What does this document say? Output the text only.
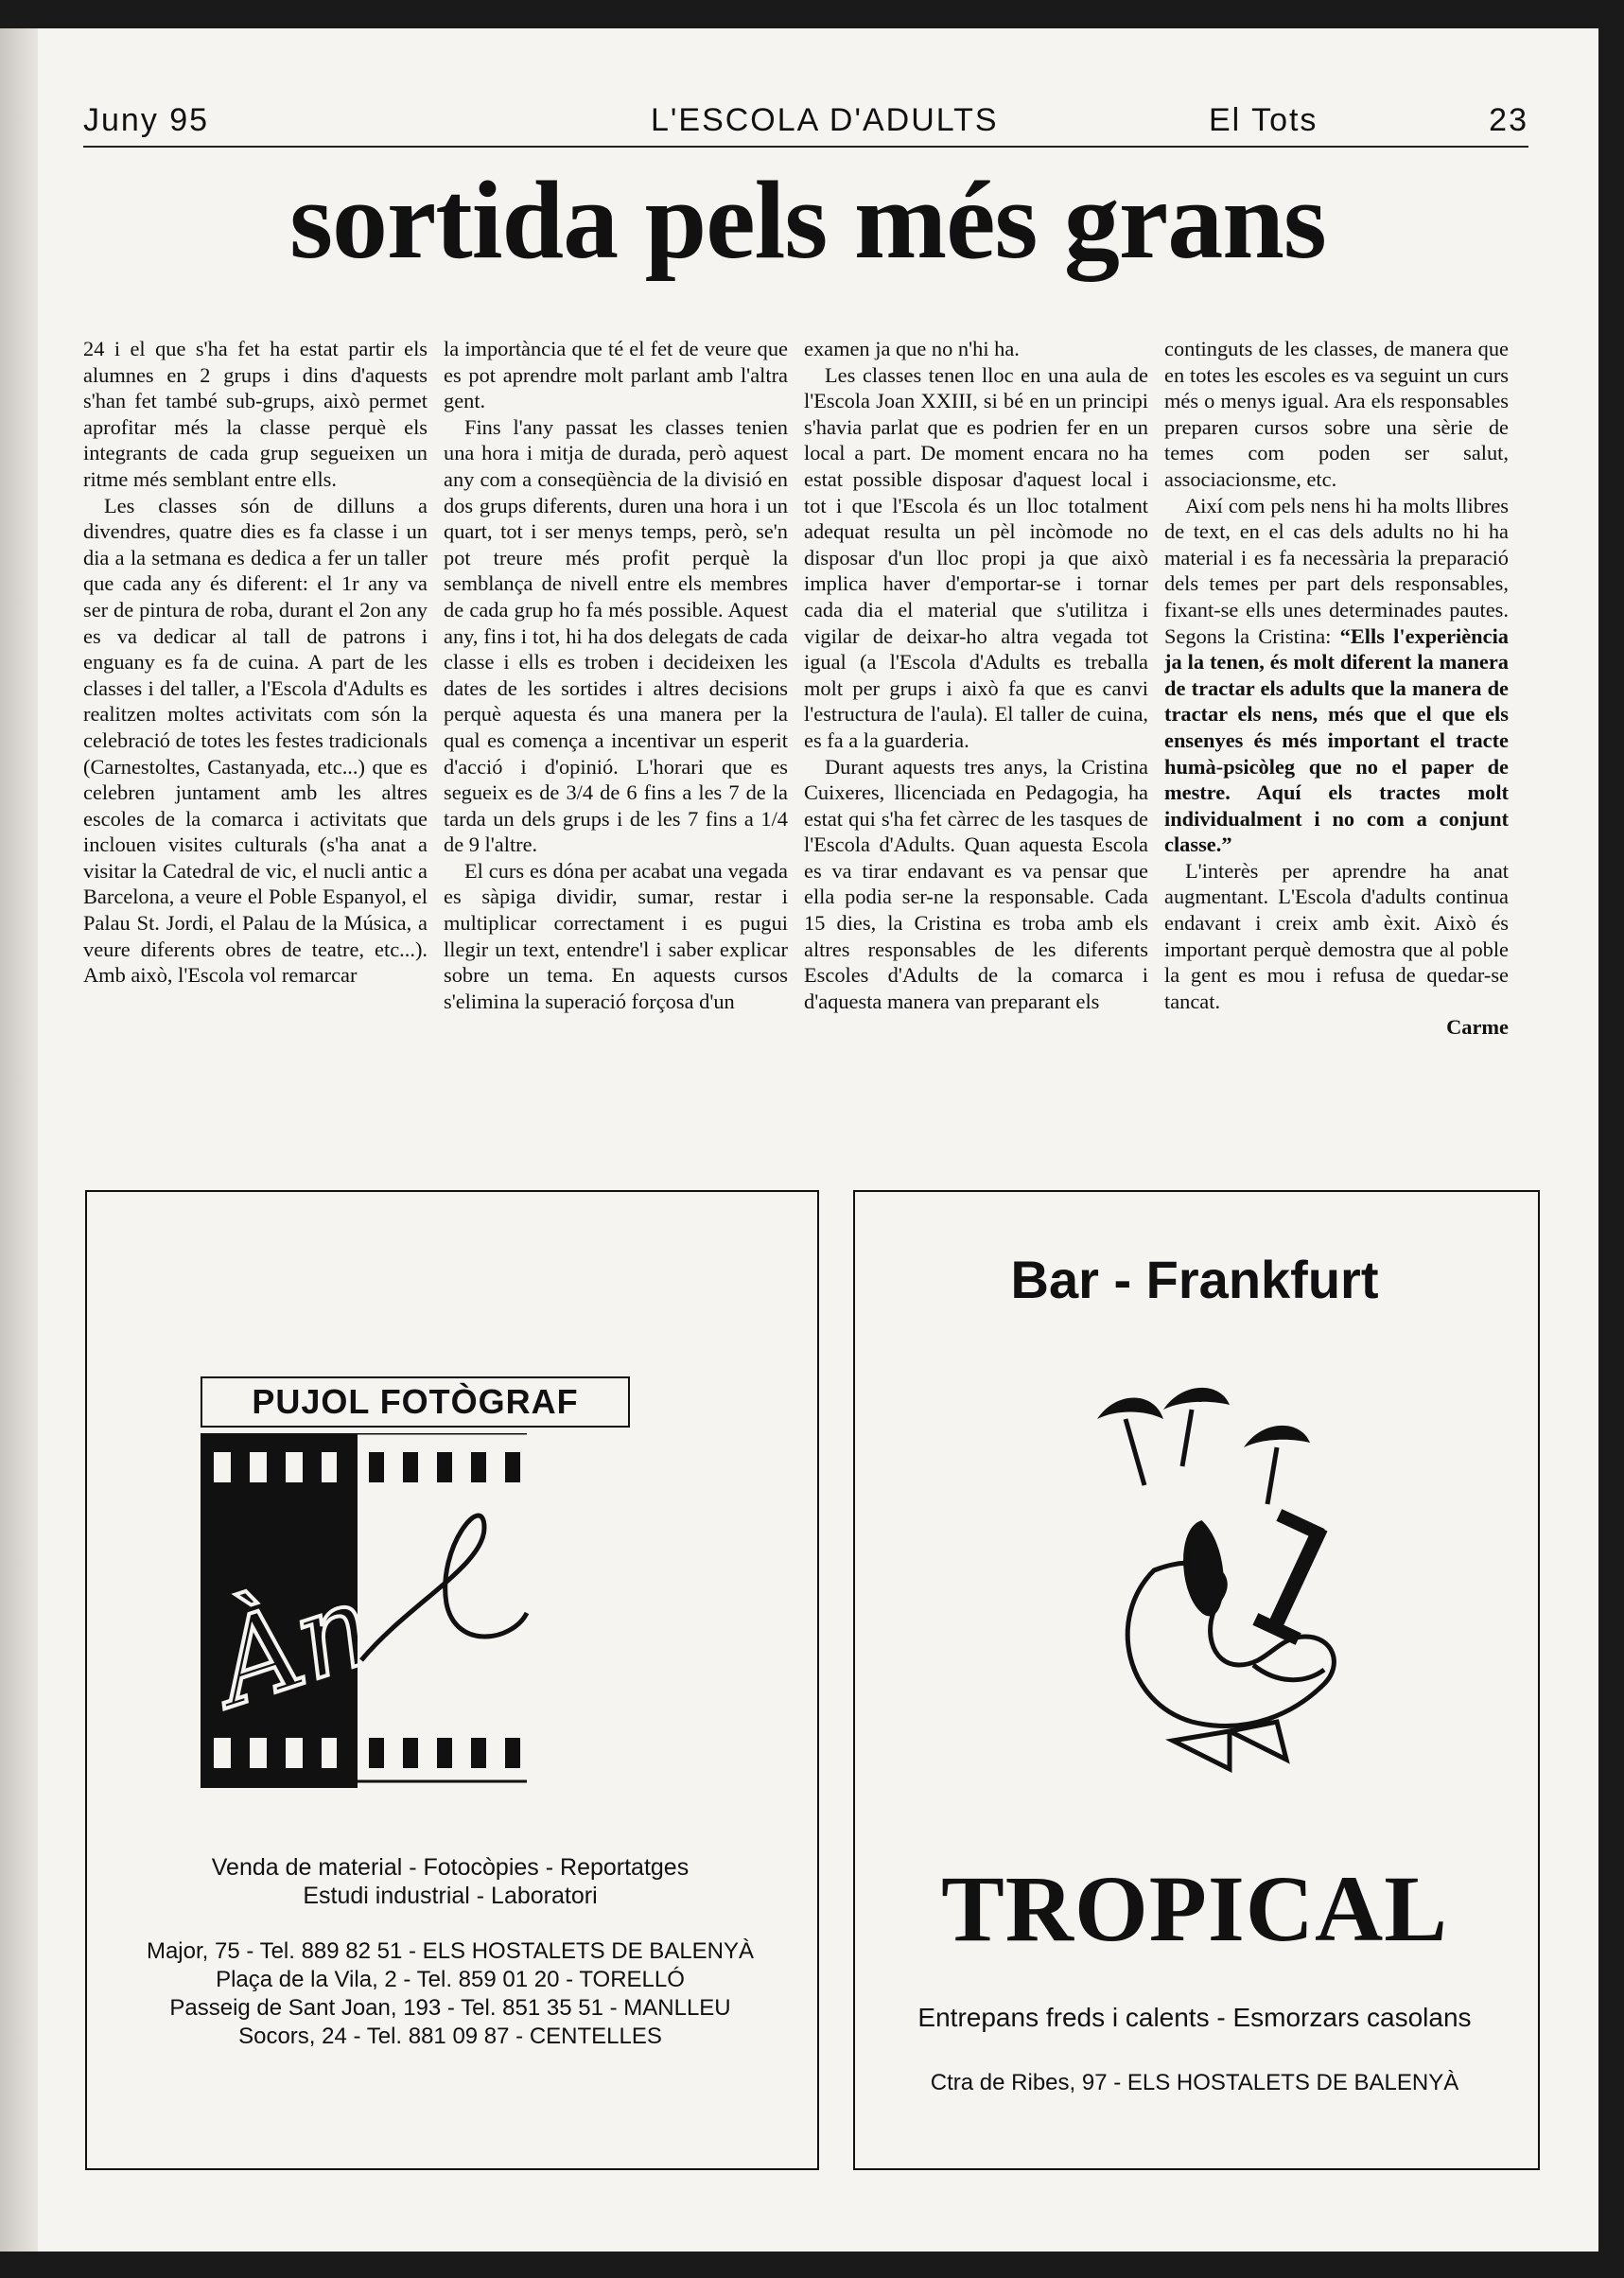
Juny 95	L'ESCOLA D'ADULTS	El Tots	23
sortida pels més grans

24 i el que s'ha fet ha estat partir els alumnes en 2 grups i dins d'aquests s'han fet també sub-grups, això permet aprofitar més la classe perquè els integrants de cada grup segueixen un ritme més semblant entre ells.

Les classes són de dilluns a divendres, quatre dies es fa classe i un dia a la setmana es dedica a fer un taller que cada any és diferent: el 1r any va ser de pintura de roba, durant el 2on any es va dedicar al tall de patrons i enguany es fa de cuina. A part de les classes i del taller, a l'Escola d'Adults es realitzen moltes activitats com són la celebració de totes les festes tradicionals (Carnestoltes, Castanyada, etc...) que es celebren juntament amb les altres escoles de la comarca i activitats que inclouen visites culturals (s'ha anat a visitar la Catedral de vic, el nucli antic a Barcelona, a veure el Poble Espanyol, el Palau St. Jordi, el Palau de la Música, a veure diferents obres de teatre, etc...). Amb això, l'Escola vol remarcar

la importància que té el fet de veure que es pot aprendre molt parlant amb l'altra gent.

Fins l'any passat les classes tenien una hora i mitja de durada, però aquest any com a conseqüència de la divisió en dos grups diferents, duren una hora i un quart, tot i ser menys temps, però, se'n pot treure més profit perquè la semblança de nivell entre els membres de cada grup ho fa més possible. Aquest any, fins i tot, hi ha dos delegats de cada classe i ells es troben i decideixen les dates de les sortides i altres decisions perquè aquesta és una manera per la qual es comença a incentivar un esperit d'acció i d'opinió. L'horari que es segueix es de 3/4 de 6 fins a les 7 de la tarda un dels grups i de les 7 fins a 1/4 de 9 l'altre.

El curs es dóna per acabat una vegada es sàpiga dividir, sumar, restar i multiplicar correctament i es pugui llegir un text, entendre'l i saber explicar sobre un tema. En aquests cursos s'elimina la superació forçosa d'un

examen ja que no n'hi ha.

Les classes tenen lloc en una aula de l'Escola Joan XXIII, si bé en un principi s'havia parlat que es podrien fer en un local a part. De moment encara no ha estat possible disposar d'aquest local i tot i que l'Escola és un lloc totalment adequat resulta un pèl incòmode no disposar d'un lloc propi ja que això implica haver d'emportar-se i tornar cada dia el material que s'utilitza i vigilar de deixar-ho altra vegada tot igual (a l'Escola d'Adults es treballa molt per grups i això fa que es canvi l'estructura de l'aula). El taller de cuina, es fa a la guarderia.

Durant aquests tres anys, la Cristina Cuixeres, llicenciada en Pedagogia, ha estat qui s'ha fet càrrec de les tasques de l'Escola d'Adults. Quan aquesta Escola es va tirar endavant es va pensar que ella podia ser-ne la responsable. Cada 15 dies, la Cristina es troba amb els altres responsables de les diferents Escoles d'Adults de la comarca i d'aquesta manera van preparant els

continguts de les classes, de manera que en totes les escoles es va seguint un curs més o menys igual. Ara els responsables preparen cursos sobre una sèrie de temes com poden ser salut, associacionsme, etc.

Així com pels nens hi ha molts llibres de text, en el cas dels adults no hi ha material i es fa necessària la preparació dels temes per part dels responsables, fixant-se ells unes determinades pautes. Segons la Cristina: “Ells l'experiència ja la tenen, és molt diferent la manera de tractar els adults que la manera de tractar els nens, més que el que els ensenyes és més important el tracte humà-psicòleg que no el paper de mestre. Aquí els tractes molt individualment i no com a conjunt classe.”

L'interès per aprendre ha anat augmentant. L'Escola d'adults continua endavant i creix amb èxit. Això és important perquè demostra que al poble la gent es mou i refusa de quedar-se tancat.

Carme
PUJOL FOTÒGRAF
Àngel
Venda de material - Fotocòpies - Reportatges
Estudi industrial - Laboratori
Major, 75 - Tel. 889 82 51 - ELS HOSTALETS DE BALENYÀ
Plaça de la Vila, 2 - Tel. 859 01 20 - TORELLÓ
Passeig de Sant Joan, 193 - Tel. 851 35 51 - MANLLEU
Socors, 24 - Tel. 881 09 87 - CENTELLES
Bar - Frankfurt
TROPICAL
Entrepans freds i calents - Esmorzars casolans
Ctra de Ribes, 97 - ELS HOSTALETS DE BALENYÀ
